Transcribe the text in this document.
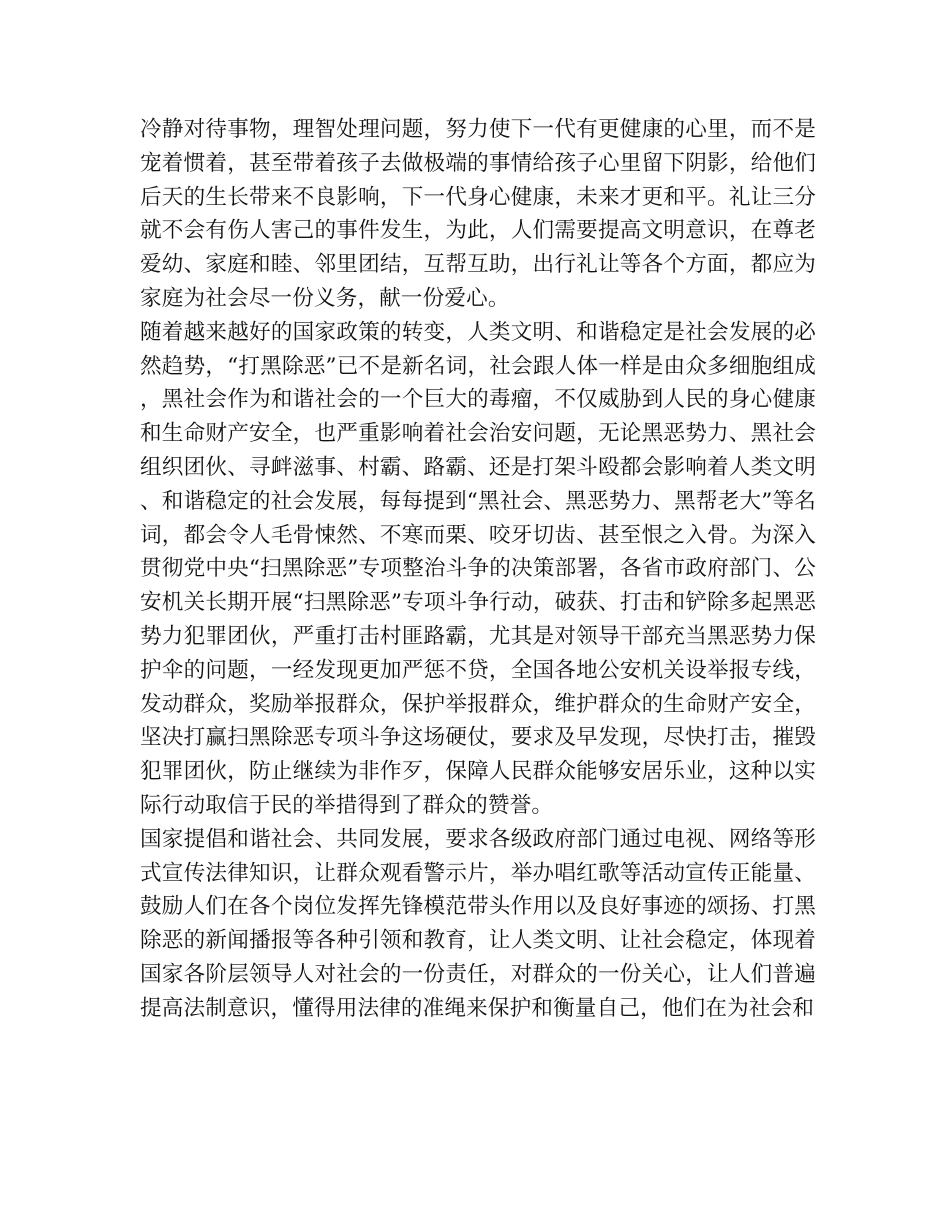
冷静对待事物，理智处理问题，努力使下一代有更健康的心里，而不是宠着惯着，甚至带着孩子去做极端的事情给孩子心里留下阴影，给他们后天的生长带来不良影响，下一代身心健康，未来才更和平。礼让三分就不会有伤人害己的事件发生，为此，人们需要提高文明意识，在尊老爱幼、家庭和睦、邻里团结，互帮互助，出行礼让等各个方面，都应为家庭为社会尽一份义务，献一份爱心。

随着越来越好的国家政策的转变，人类文明、和谐稳定是社会发展的必然趋势，“打黑除恶”已不是新名词，社会跟人体一样是由众多细胞组成，黑社会作为和谐社会的一个巨大的毒瘤，不仅威胁到人民的身心健康和生命财产安全，也严重影响着社会治安问题，无论黑恶势力、黑社会组织团伙、寻衅滋事、村霸、路霸、还是打架斗殴都会影响着人类文明、和谐稳定的社会发展，每每提到“黑社会、黑恶势力、黑帮老大”等名词，都会令人毛骨悚然、不寒而栗、咬牙切齿、甚至恨之入骨。为深入贯彻党中央“扫黑除恶”专项整治斗争的决策部署，各省市政府部门、公安机关长期开展“扫黑除恶”专项斗争行动，破获、打击和铲除多起黑恶势力犯罪团伙，严重打击村匪路霸，尤其是对领导干部充当黑恶势力保护伞的问题，一经发现更加严惩不贷，全国各地公安机关设举报专线，发动群众，奖励举报群众，保护举报群众，维护群众的生命财产安全，坚决打赢扫黑除恶专项斗争这场硬仗，要求及早发现，尽快打击，摧毁犯罪团伙，防止继续为非作歹，保障人民群众能够安居乐业，这种以实际行动取信于民的举措得到了群众的赞誉。

国家提倡和谐社会、共同发展，要求各级政府部门通过电视、网络等形式宣传法律知识，让群众观看警示片，举办唱红歌等活动宣传正能量、鼓励人们在各个岗位发挥先锋模范带头作用以及良好事迹的颂扬、打黑除恶的新闻播报等各种引领和教育，让人类文明、让社会稳定，体现着国家各阶层领导人对社会的一份责任，对群众的一份关心，让人们普遍提高法制意识，懂得用法律的准绳来保护和衡量自己，他们在为社会和
